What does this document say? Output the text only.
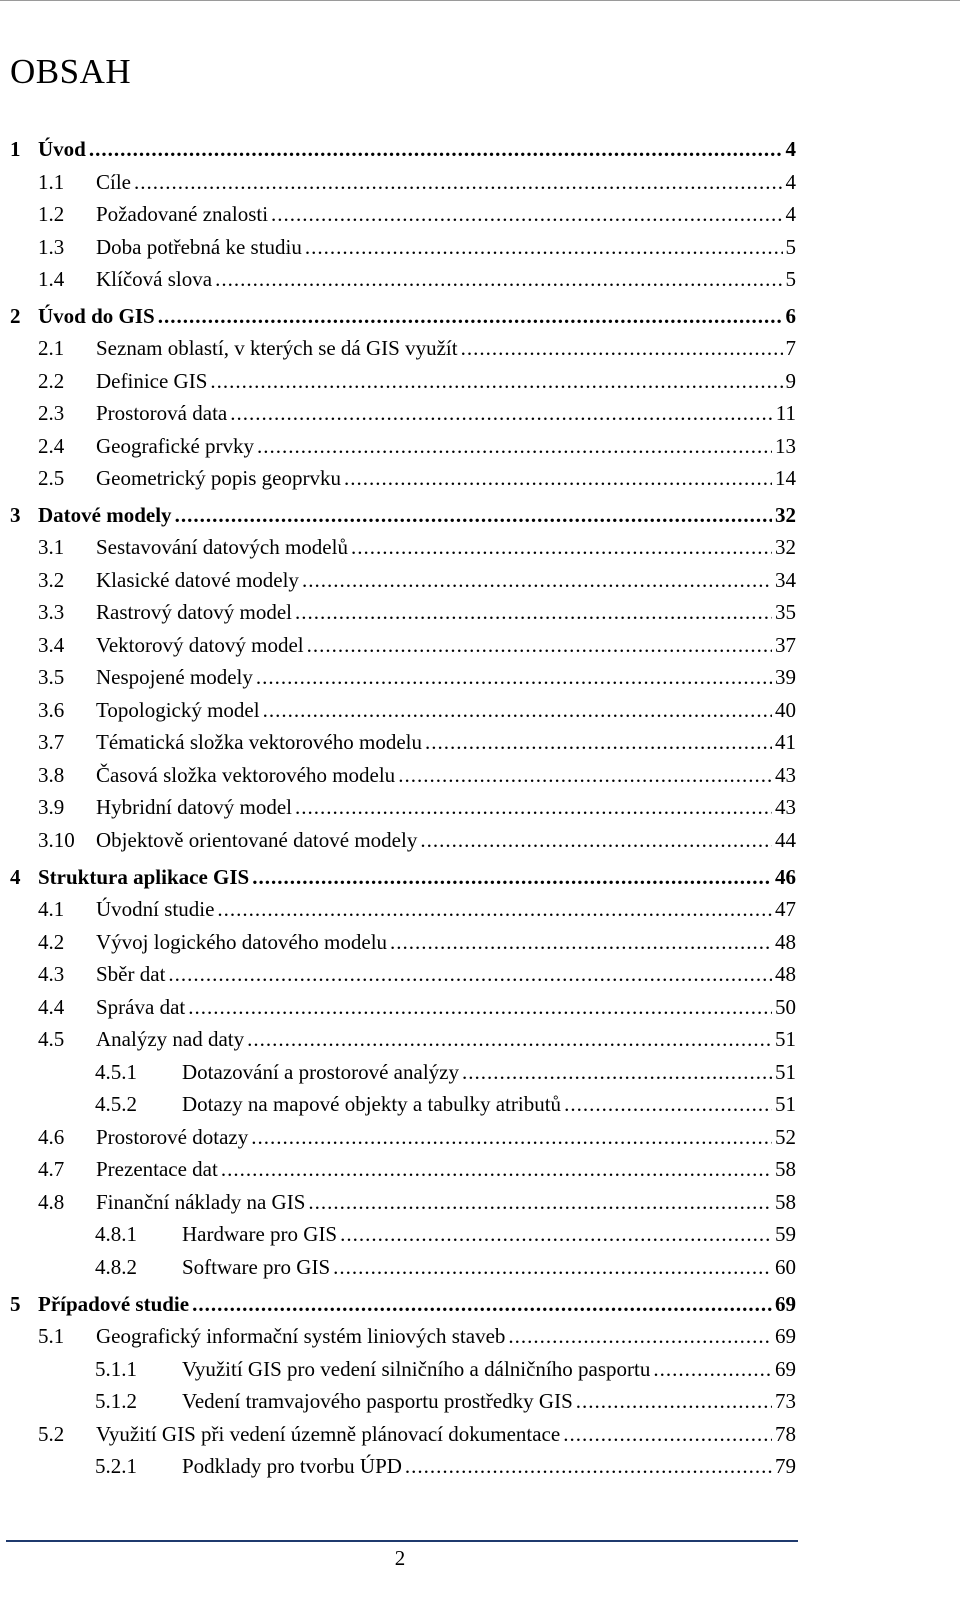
OBSAH
1 Úvod .....	4
1.1	Cíle .....	4
1.2	Požadované znalosti .....	4
1.3	Doba potřebná ke studiu .....	5
1.4	Klíčová slova .....	5
2 Úvod do GIS .....	6
2.1	Seznam oblastí, v kterých se dá GIS využít .....	7
2.2	Definice GIS .....	9
2.3	Prostorová data .....	11
2.4	Geografické prvky .....	13
2.5	Geometrický popis geoprvku .....	14
3 Datové modely .....	32
3.1	Sestavování datových modelů .....	32
3.2	Klasické datové modely .....	34
3.3	Rastrový datový model .....	35
3.4	Vektorový datový model .....	37
3.5	Nespojené modely .....	39
3.6	Topologický model .....	40
3.7	Tématická složka vektorového modelu .....	41
3.8	Časová složka vektorového modelu .....	43
3.9	Hybridní datový model .....	43
3.10	Objektově orientované datové modely .....	44
4 Struktura aplikace GIS .....	46
4.1	Úvodní studie .....	47
4.2	Vývoj logického datového modelu .....	48
4.3	Sběr dat .....	48
4.4	Správa dat .....	50
4.5	Analýzy nad daty .....	51
4.5.1	Dotazování a prostorové analýzy .....	51
4.5.2	Dotazy na mapové objekty a tabulky atributů .....	51
4.6	Prostorové dotazy .....	52
4.7	Prezentace dat .....	58
4.8	Finanční náklady na GIS .....	58
4.8.1	Hardware pro GIS .....	59
4.8.2	Software pro GIS .....	60
5 Případové studie .....	69
5.1	Geografický informační systém liniových staveb .....	69
5.1.1	Využití GIS pro vedení silničního a dálničního pasportu .....	69
5.1.2	Vedení tramvajového pasportu prostředky GIS .....	73
5.2	Využití GIS při vedení územně plánovací dokumentace .....	78
5.2.1	Podklady pro tvorbu ÚPD .....	79
2
